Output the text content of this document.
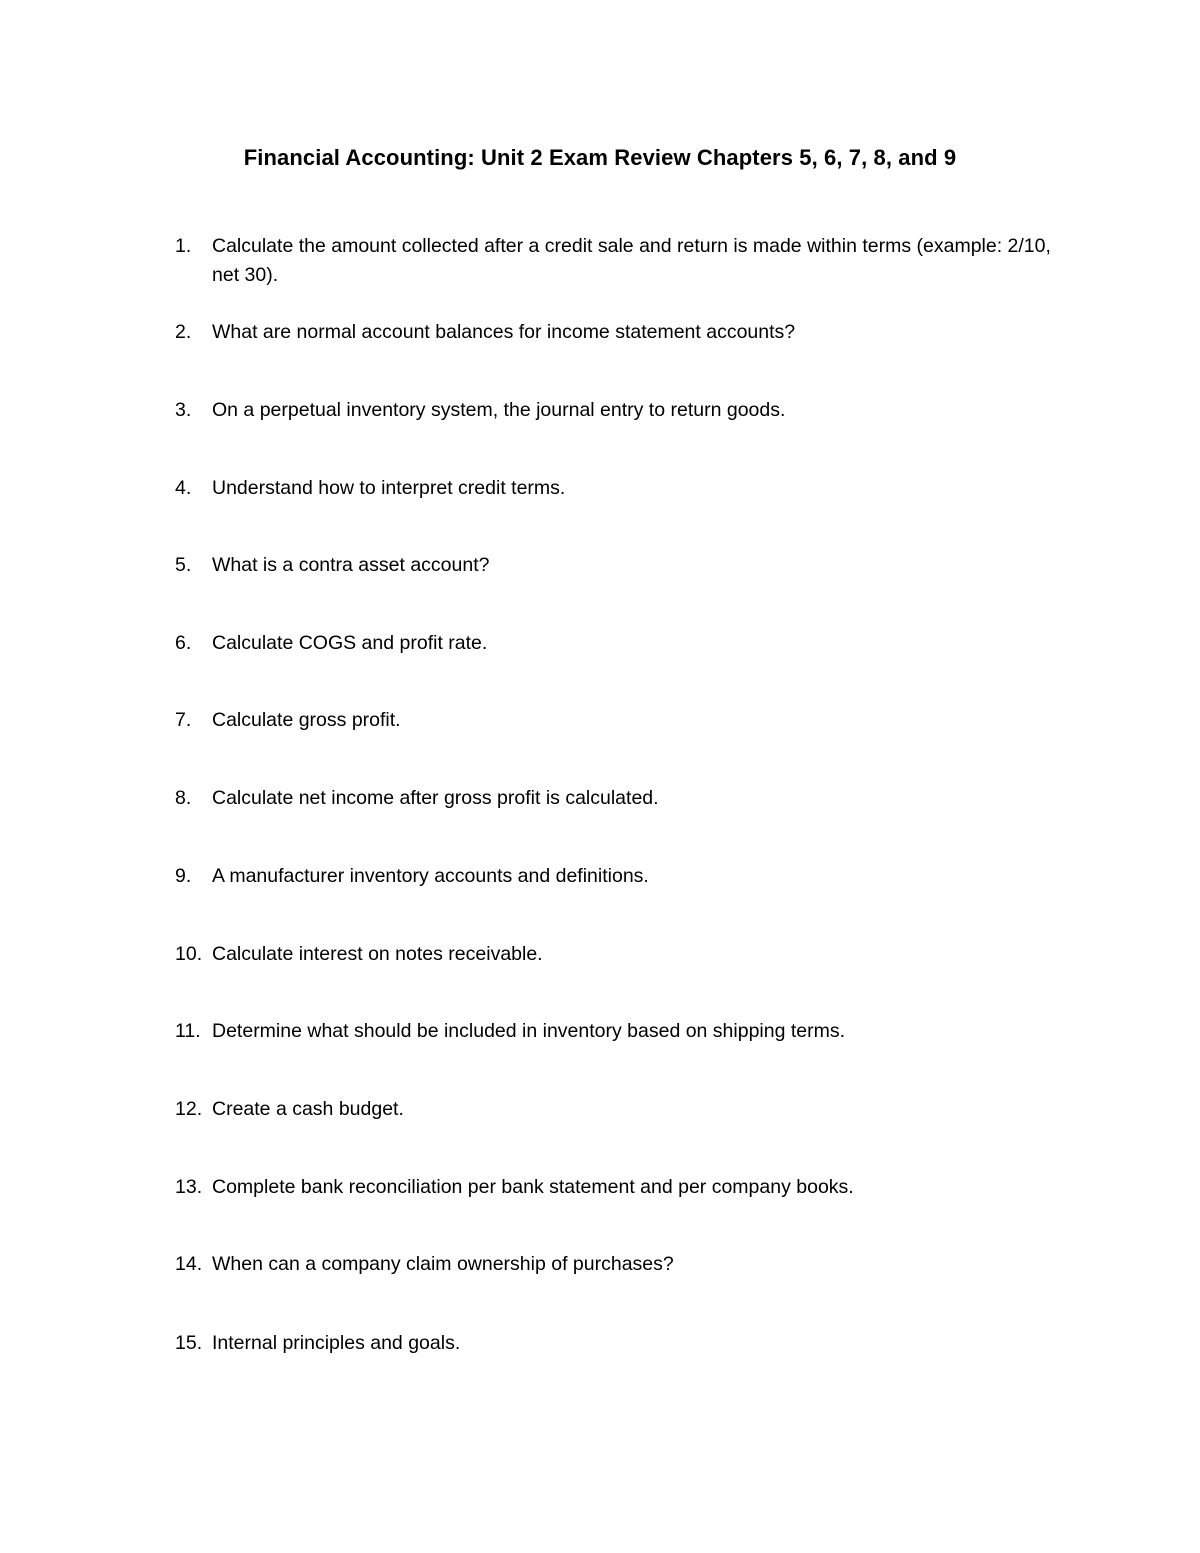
Financial Accounting: Unit 2 Exam Review Chapters 5, 6, 7, 8, and 9
1. Calculate the amount collected after a credit sale and return is made within terms (example: 2/10, net 30).
2. What are normal account balances for income statement accounts?
3. On a perpetual inventory system, the journal entry to return goods.
4. Understand how to interpret credit terms.
5. What is a contra asset account?
6. Calculate COGS and profit rate.
7. Calculate gross profit.
8. Calculate net income after gross profit is calculated.
9. A manufacturer inventory accounts and definitions.
10. Calculate interest on notes receivable.
11. Determine what should be included in inventory based on shipping terms.
12. Create a cash budget.
13. Complete bank reconciliation per bank statement and per company books.
14. When can a company claim ownership of purchases?
15. Internal principles and goals.
